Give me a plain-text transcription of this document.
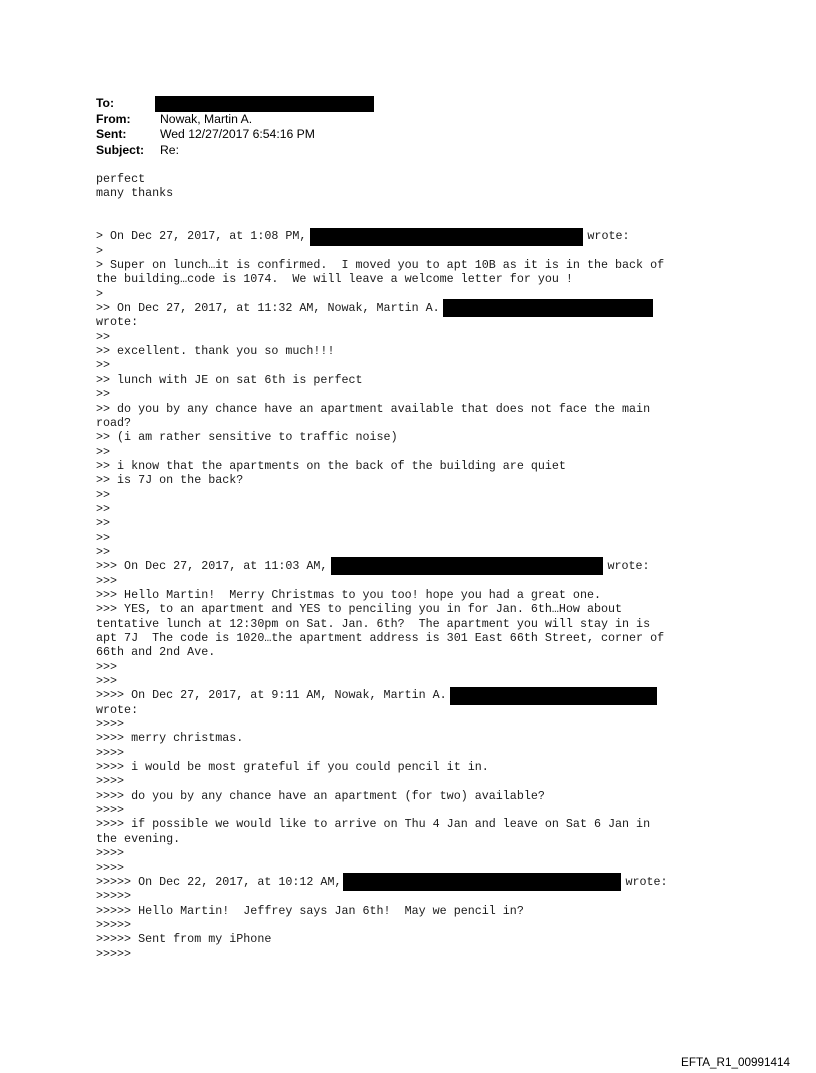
To:
From:	Nowak, Martin A.
Sent:	Wed 12/27/2017 6:54:16 PM
Subject:	Re:
perfect
many thanks
> On Dec 27, 2017, at 1:08 PM,	wrote:
>
> Super on lunch…it is confirmed.  I moved you to apt 10B as it is in the back of
the building…code is 1074.  We will leave a welcome letter for you !
>
>> On Dec 27, 2017, at 11:32 AM, Nowak, Martin A.
wrote:
>>
>> excellent. thank you so much!!!
>>
>> lunch with JE on sat 6th is perfect
>>
>> do you by any chance have an apartment available that does not face the main
road?
>> (i am rather sensitive to traffic noise)
>>
>> i know that the apartments on the back of the building are quiet
>> is 7J on the back?
>>
>>
>>
>>
>>
>>> On Dec 27, 2017, at 11:03 AM,	wrote:
>>>
>>> Hello Martin!  Merry Christmas to you too! hope you had a great one.
>>> YES, to an apartment and YES to penciling you in for Jan. 6th…How about
tentative lunch at 12:30pm on Sat. Jan. 6th?  The apartment you will stay in is
apt 7J  The code is 1020…the apartment address is 301 East 66th Street, corner of
66th and 2nd Ave.
>>>
>>>
>>>> On Dec 27, 2017, at 9:11 AM, Nowak, Martin A.
wrote:
>>>>
>>>> merry christmas.
>>>>
>>>> i would be most grateful if you could pencil it in.
>>>>
>>>> do you by any chance have an apartment (for two) available?
>>>>
>>>> if possible we would like to arrive on Thu 4 Jan and leave on Sat 6 Jan in
the evening.
>>>>
>>>>
>>>>> On Dec 22, 2017, at 10:12 AM,	wrote:
>>>>>
>>>>> Hello Martin!  Jeffrey says Jan 6th!  May we pencil in?
>>>>>
>>>>> Sent from my iPhone
>>>>>
EFTA_R1_00991414
